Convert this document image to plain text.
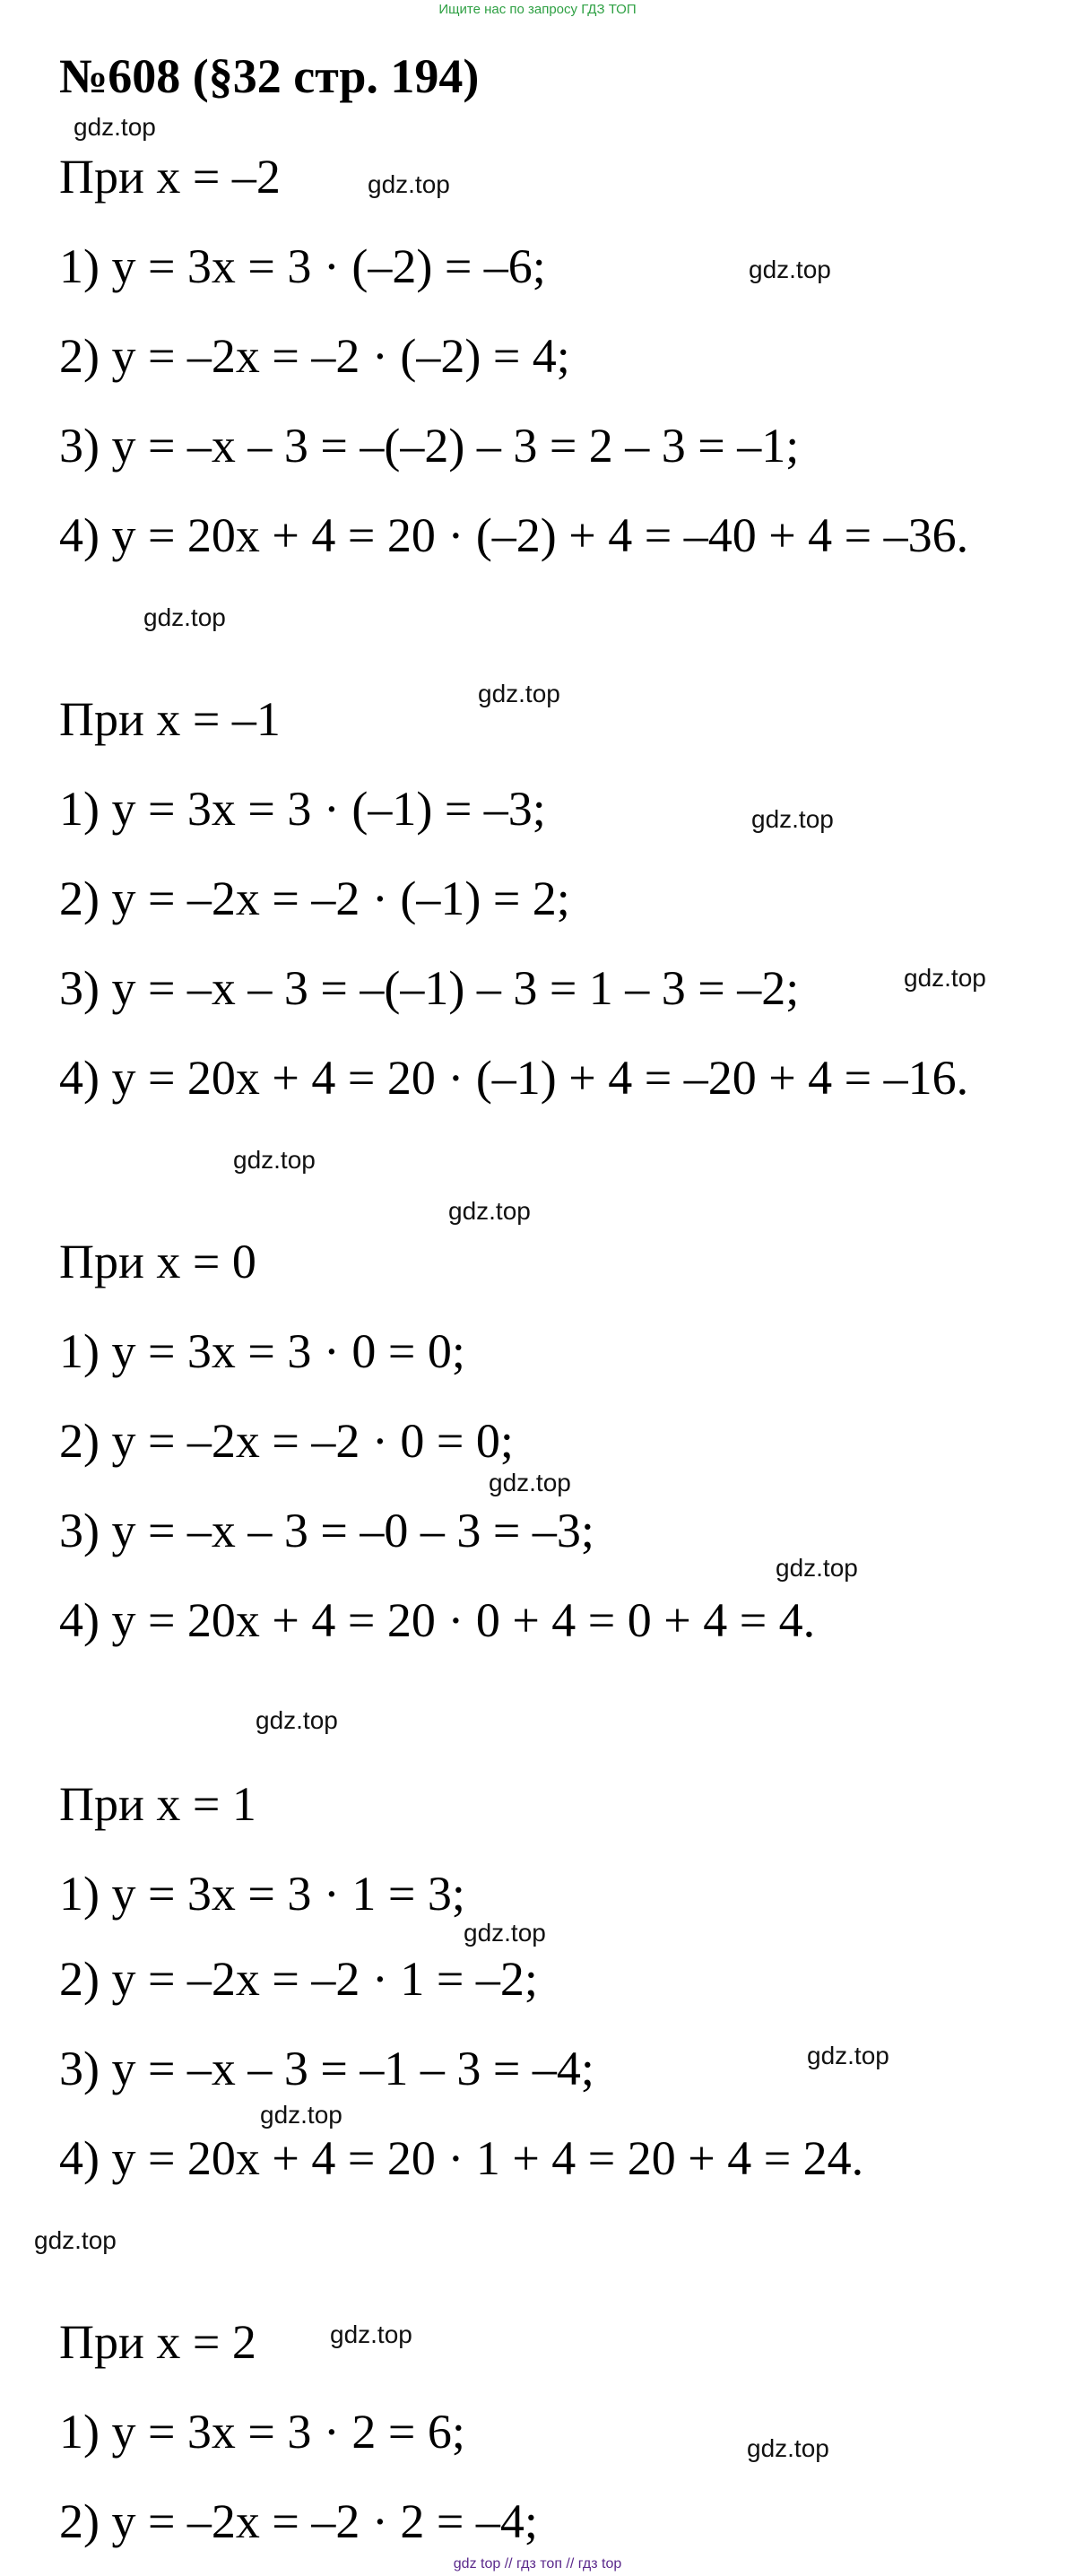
Ищите нас по запросу ГДЗ ТОП
№608 (§32 стр. 194)
При x = –2
1) y = 3x = 3 · (–2) = –6;
2) y = –2x = –2 · (–2) = 4;
3) y = –x – 3 = –(–2) – 3 = 2 – 3 = –1;
4) y = 20x + 4 = 20 · (–2) + 4 = –40 + 4 = –36.
При x = –1
1) y = 3x = 3 · (–1) = –3;
2) y = –2x = –2 · (–1) = 2;
3) y = –x – 3 = –(–1) – 3 = 1 – 3 = –2;
4) y = 20x + 4 = 20 · (–1) + 4 = –20 + 4 = –16.
При x = 0
1) y = 3x = 3 · 0 = 0;
2) y = –2x = –2 · 0 = 0;
3) y = –x – 3 = –0 – 3 = –3;
4) y = 20x + 4 = 20 · 0 + 4 = 0 + 4 = 4.
При x = 1
1) y = 3x = 3 · 1 = 3;
2) y = –2x = –2 · 1 = –2;
3) y = –x – 3 = –1 – 3 = –4;
4) y = 20x + 4 = 20 · 1 + 4 = 20 + 4 = 24.
При x = 2
1) y = 3x = 3 · 2 = 6;
2) y = –2x = –2 · 2 = –4;
gdz.top
gdz.top
gdz.top
gdz.top
gdz.top
gdz.top
gdz.top
gdz.top
gdz.top
gdz.top
gdz.top
gdz.top
gdz.top
gdz.top
gdz.top
gdz.top
gdz.top
gdz.top
gdz top // гдз топ // гдз top
